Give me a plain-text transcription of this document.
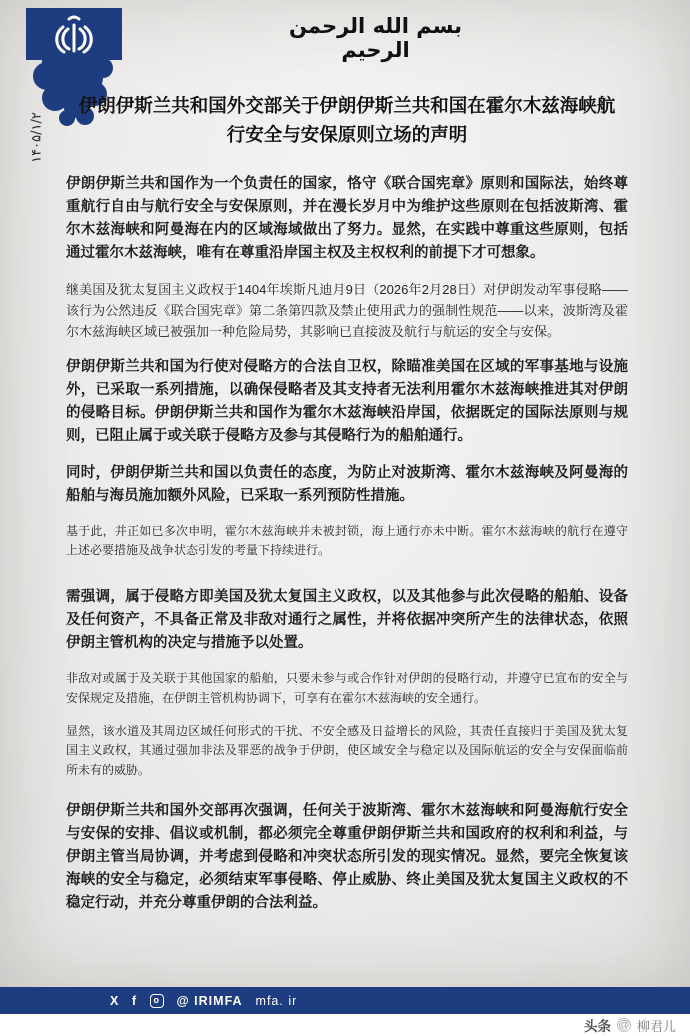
بسم الله الرحمن الرحيم
۱۴۰۵/۱/۲
伊朗伊斯兰共和国外交部关于伊朗伊斯兰共和国在霍尔木兹海峡航行安全与安保原则立场的声明

伊朗伊斯兰共和国作为一个负责任的国家，恪守《联合国宪章》原则和国际法，始终尊重航行自由与航行安全与安保原则，并在漫长岁月中为维护这些原则在包括波斯湾、霍尔木兹海峡和阿曼海在内的区域海域做出了努力。显然，在实践中尊重这些原则，包括通过霍尔木兹海峡，唯有在尊重沿岸国主权及主权权利的前提下才可想象。

继美国及犹太复国主义政权于1404年埃斯凡迪月9日（2026年2月28日）对伊朗发动军事侵略——该行为公然违反《联合国宪章》第二条第四款及禁止使用武力的强制性规范——以来，波斯湾及霍尔木兹海峡区域已被强加一种危险局势，其影响已直接波及航行与航运的安全与安保。

伊朗伊斯兰共和国为行使对侵略方的合法自卫权，除瞄准美国在区域的军事基地与设施外，已采取一系列措施，以确保侵略者及其支持者无法利用霍尔木兹海峡推进其对伊朗的侵略目标。伊朗伊斯兰共和国作为霍尔木兹海峡沿岸国，依据既定的国际法原则与规则，已阻止属于或关联于侵略方及参与其侵略行为的船舶通行。

同时，伊朗伊斯兰共和国以负责任的态度，为防止对波斯湾、霍尔木兹海峡及阿曼海的船舶与海员施加额外风险，已采取一系列预防性措施。

基于此，并正如已多次申明，霍尔木兹海峡并未被封锁，海上通行亦未中断。霍尔木兹海峡的航行在遵守上述必要措施及战争状态引发的考量下持续进行。

需强调，属于侵略方即美国及犹太复国主义政权，以及其他参与此次侵略的船舶、设备及任何资产，不具备正常及非敌对通行之属性，并将依据冲突所产生的法律状态，依照伊朗主管机构的决定与措施予以处置。

非敌对或属于及关联于其他国家的船舶，只要未参与或合作针对伊朗的侵略行动，并遵守已宣布的安全与安保规定及措施，在伊朗主管机构协调下，可享有在霍尔木兹海峡的安全通行。

显然，该水道及其周边区域任何形式的干扰、不安全感及日益增长的风险，其责任直接归于美国及犹太复国主义政权，其通过强加非法及罪恶的战争于伊朗，使区域安全与稳定以及国际航运的安全与安保面临前所未有的威胁。

伊朗伊斯兰共和国外交部再次强调，任何关于波斯湾、霍尔木兹海峡和阿曼海航行安全与安保的安排、倡议或机制，都必须完全尊重伊朗伊斯兰共和国政府的权利和利益，与伊朗主管当局协调，并考虑到侵略和冲突状态所引发的现实情况。显然，要完全恢复该海峡的安全与稳定，必须结束军事侵略、停止威胁、终止美国及犹太复国主义政权的不稳定行动，并充分尊重伊朗的合法利益。

X f	o	@ IRIMFA mfa. ir
头条 @ 柳君儿
